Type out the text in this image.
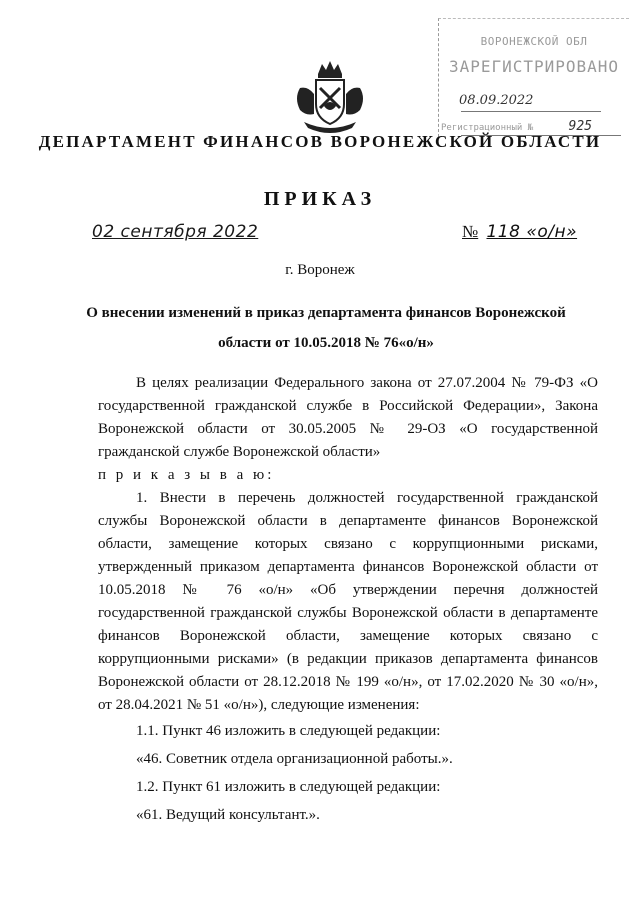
ВОРОНЕЖСКОЙ ОБЛ
ЗАРЕГИСТРИРОВАНО
08.09.2022
Регистрационный №	925
ДЕПАРТАМЕНТ ФИНАНСОВ ВОРОНЕЖСКОЙ ОБЛАСТИ
ПРИКАЗ
02 сентября 2022	№ 118 «о/н»
г. Воронеж
О внесении изменений в приказ департамента финансов Воронежской области от 10.05.2018 № 76«о/н»

В целях реализации Федерального закона от 27.07.2004 № 79-ФЗ «О государственной гражданской службе в Российской Федерации», Закона Воронежской области от 30.05.2005 № 29-ОЗ «О государственной гражданской службе Воронежской области»

п р и к а з ы в а ю:

1. Внести в перечень должностей государственной гражданской службы Воронежской области в департаменте финансов Воронежской области, замещение которых связано с коррупционными рисками, утвержденный приказом департамента финансов Воронежской области от 10.05.2018 № 76 «о/н» «Об утверждении перечня должностей государственной гражданской службы Воронежской области в департаменте финансов Воронежской области, замещение которых связано с коррупционными рисками» (в редакции приказов департамента финансов Воронежской области от 28.12.2018 № 199 «о/н», от 17.02.2020 № 30 «о/н», от 28.04.2021 № 51 «о/н»), следующие изменения:

1.1. Пункт 46 изложить в следующей редакции:

«46. Советник отдела организационной работы.».

1.2. Пункт 61 изложить в следующей редакции:

«61. Ведущий консультант.».
